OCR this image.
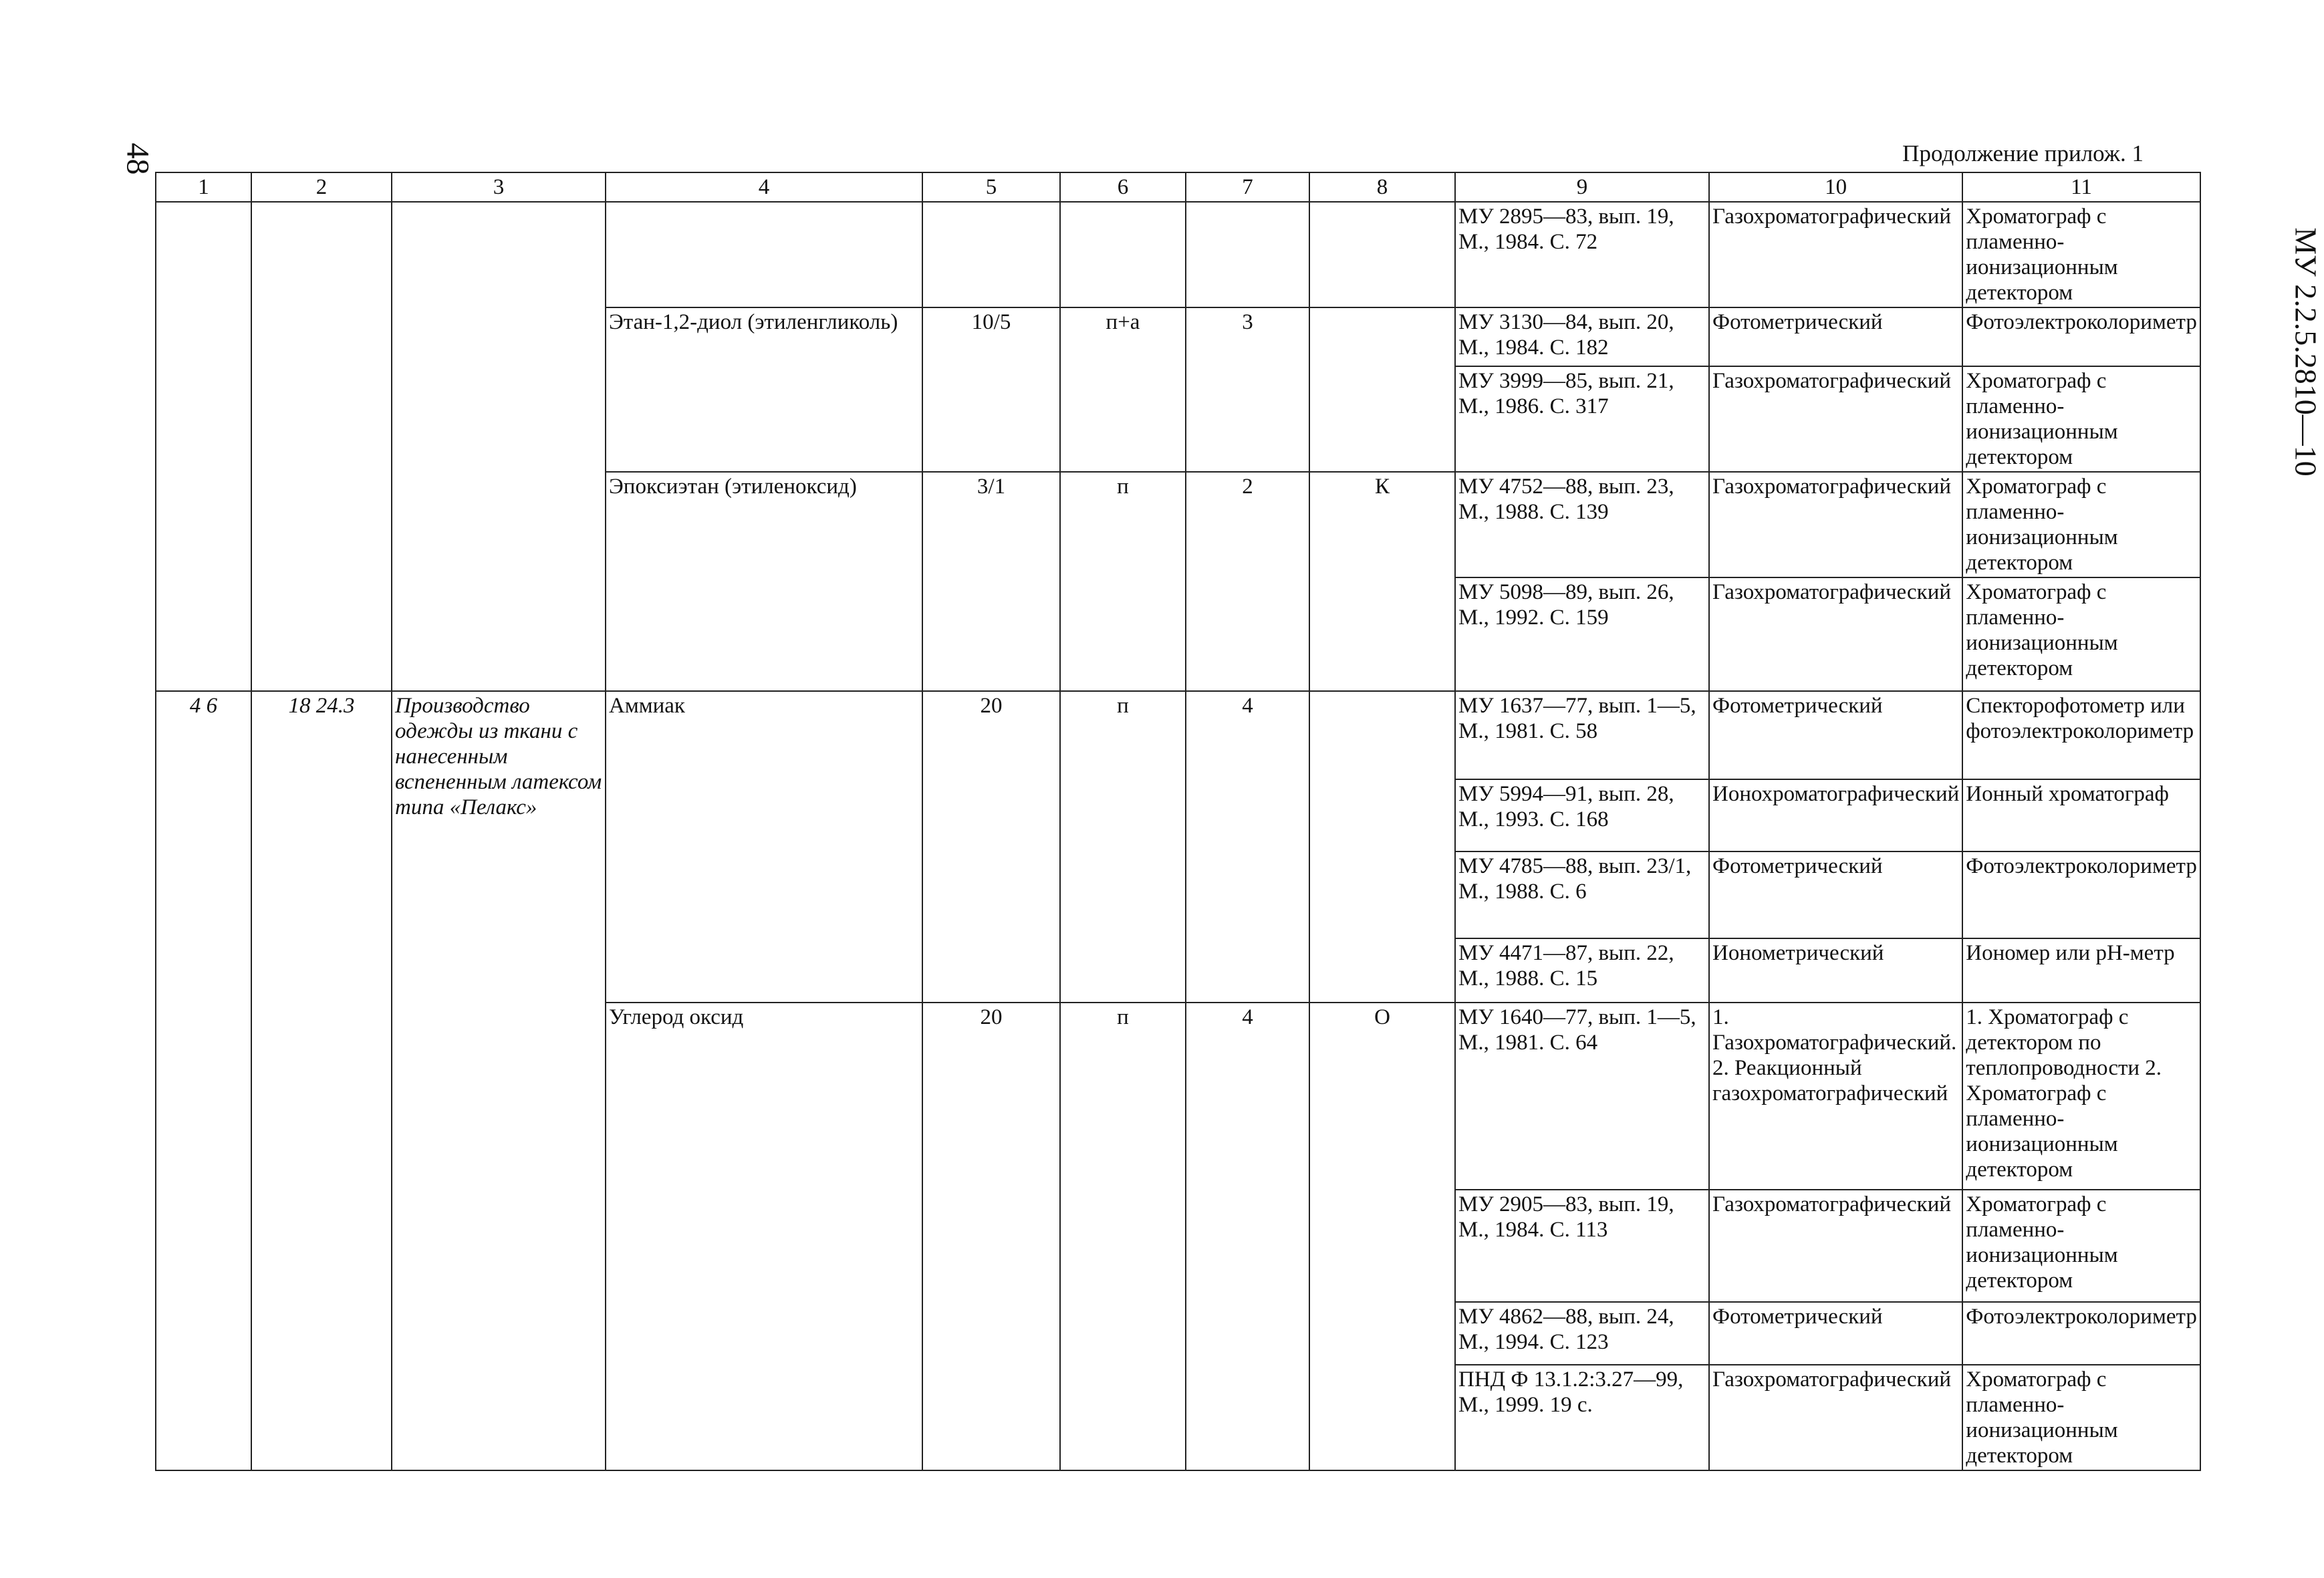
48
МУ 2.2.5.2810—10
Продолжение прилож. 1
1	2	3	4	5	6	7	8	9	10	11
								МУ 2895—83, вып. 19, М., 1984. С. 72	Газохроматографический	Хроматограф с пламенно-ионизационным детектором
			Этан-1,2-диол (этиленгликоль)	10/5	п+а	3		МУ 3130—84, вып. 20, М., 1984. С. 182	Фотометрический	Фотоэлектроколориметр
								МУ 3999—85, вып. 21, М., 1986. С. 317	Газохроматографический	Хроматограф с пламенно-ионизационным детектором
			Эпоксиэтан (этиленоксид)	3/1	п	2	К	МУ 4752—88, вып. 23, М., 1988. С. 139	Газохроматографический	Хроматограф с пламенно-ионизационным детектором
								МУ 5098—89, вып. 26, М., 1992. С. 159	Газохроматографический	Хроматограф с пламенно-ионизационным детектором
4 6	18 24.3	Производство одежды из ткани с нанесенным вспененным латексом типа «Пелакс»	Аммиак	20	п	4		МУ 1637—77, вып. 1—5, М., 1981. С. 58	Фотометрический	Спекторофотометр или фотоэлектроколориметр
								МУ 5994—91, вып. 28, М., 1993. С. 168	Ионохроматографический	Ионный хроматограф
								МУ 4785—88, вып. 23/1, М., 1988. С. 6	Фотометрический	Фотоэлектроколориметр
								МУ 4471—87, вып. 22, М., 1988. С. 15	Ионометрический	Иономер или рН-метр
			Углерод оксид	20	п	4	О	МУ 1640—77, вып. 1—5, М., 1981. С. 64	1. Газохроматографический. 2. Реакционный газохроматографический	1. Хроматограф с детектором по теплопроводности 2. Хроматограф с пламенно-ионизационным детектором
								МУ 2905—83, вып. 19, М., 1984. С. 113	Газохроматографический	Хроматограф с пламенно-ионизационным детектором
								МУ 4862—88, вып. 24, М., 1994. С. 123	Фотометрический	Фотоэлектроколориметр
								ПНД Ф 13.1.2:3.27—99, М., 1999. 19 с.	Газохроматографический	Хроматограф с пламенно-ионизационным детектором
